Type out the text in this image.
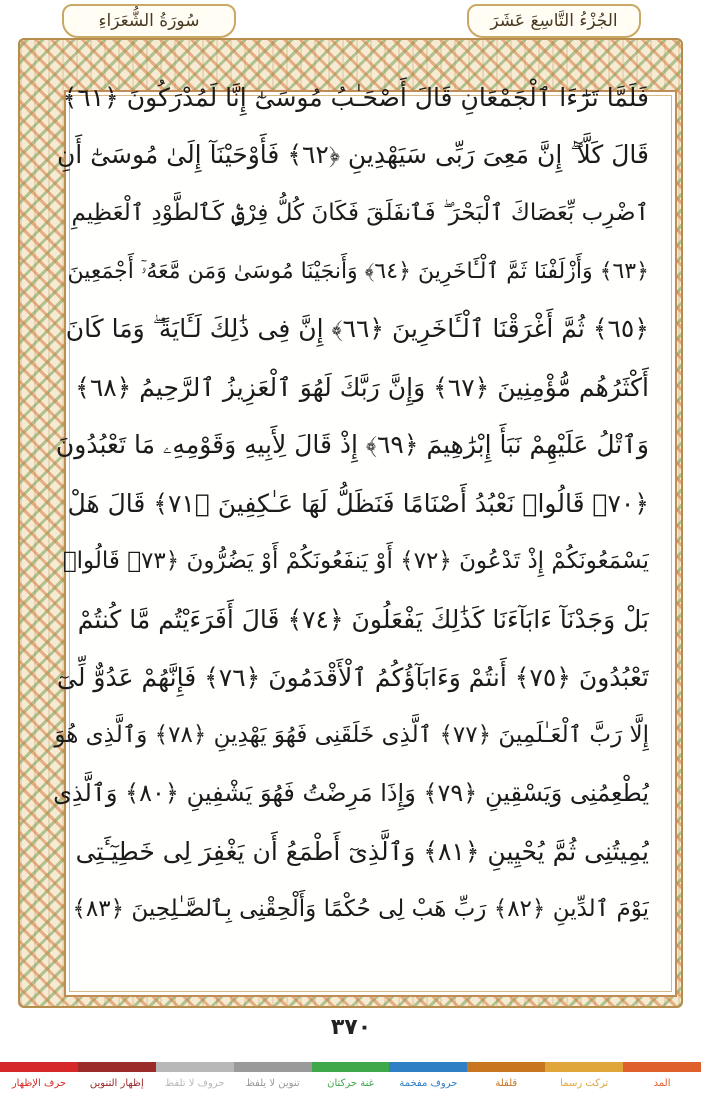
سُورَةُ الشُّعَرَاءِ	الجُزْءُ التَّاسِعَ عَشَرَ
فَلَمَّا تَرَٰٓءَا ٱلْجَمْعَانِ قَالَ أَصْحَـٰبُ مُوسَىٰٓ إِنَّا لَمُدْرَكُونَ ﴿٦١﴾
قَالَ كَلَّآ ۖ إِنَّ مَعِىَ رَبِّى سَيَهْدِينِ ﴿٦٢﴾ فَأَوْحَيْنَآ إِلَىٰ مُوسَىٰٓ أَنِ
ٱضْرِب بِّعَصَاكَ ٱلْبَحْرَ ۖ فَٱنفَلَقَ فَكَانَ كُلُّ فِرْقٍۢ كَٱلطَّوْدِ ٱلْعَظِيمِ
﴿٦٣﴾ وَأَزْلَفْنَا ثَمَّ ٱلْـَٔاخَرِينَ ﴿٦٤﴾ وَأَنجَيْنَا مُوسَىٰ وَمَن مَّعَهُۥٓ أَجْمَعِينَ
﴿٦٥﴾ ثُمَّ أَغْرَقْنَا ٱلْـَٔاخَرِينَ ﴿٦٦﴾ إِنَّ فِى ذَٰلِكَ لَـَٔايَةً ۖ وَمَا كَانَ
أَكْثَرُهُم مُّؤْمِنِينَ ﴿٦٧﴾ وَإِنَّ رَبَّكَ لَهُوَ ٱلْعَزِيزُ ٱلرَّحِيمُ ﴿٦٨﴾
وَٱتْلُ عَلَيْهِمْ نَبَأَ إِبْرَٰهِيمَ ﴿٦٩﴾ إِذْ قَالَ لِأَبِيهِ وَقَوْمِهِۦ مَا تَعْبُدُونَ
﴿٧٠﴾ قَالُوا۟ نَعْبُدُ أَصْنَامًا فَنَظَلُّ لَهَا عَـٰكِفِينَ ﴿٧١﴾ قَالَ هَلْ
يَسْمَعُونَكُمْ إِذْ تَدْعُونَ ﴿٧٢﴾ أَوْ يَنفَعُونَكُمْ أَوْ يَضُرُّونَ ﴿٧٣﴾ قَالُوا۟
بَلْ وَجَدْنَآ ءَابَآءَنَا كَذَٰلِكَ يَفْعَلُونَ ﴿٧٤﴾ قَالَ أَفَرَءَيْتُم مَّا كُنتُمْ
تَعْبُدُونَ ﴿٧٥﴾ أَنتُمْ وَءَابَآؤُكُمُ ٱلْأَقْدَمُونَ ﴿٧٦﴾ فَإِنَّهُمْ عَدُوٌّ لِّىٓ
إِلَّا رَبَّ ٱلْعَـٰلَمِينَ ﴿٧٧﴾ ٱلَّذِى خَلَقَنِى فَهُوَ يَهْدِينِ ﴿٧٨﴾ وَٱلَّذِى هُوَ
يُطْعِمُنِى وَيَسْقِينِ ﴿٧٩﴾ وَإِذَا مَرِضْتُ فَهُوَ يَشْفِينِ ﴿٨٠﴾ وَٱلَّذِى
يُمِيتُنِى ثُمَّ يُحْيِينِ ﴿٨١﴾ وَٱلَّذِىٓ أَطْمَعُ أَن يَغْفِرَ لِى خَطِيٓـَٔتِى
يَوْمَ ٱلدِّينِ ﴿٨٢﴾ رَبِّ هَبْ لِى حُكْمًا وَأَلْحِقْنِى بِٱلصَّـٰلِحِينَ ﴿٨٣﴾
٣٧٠
المد
تركت رسما
قلقلة
حروف مفخمة
غنة حركتان
تنوين لا يلفظ
حروف لا تلفظ
إظهار التنوين
حرف الإظهار
